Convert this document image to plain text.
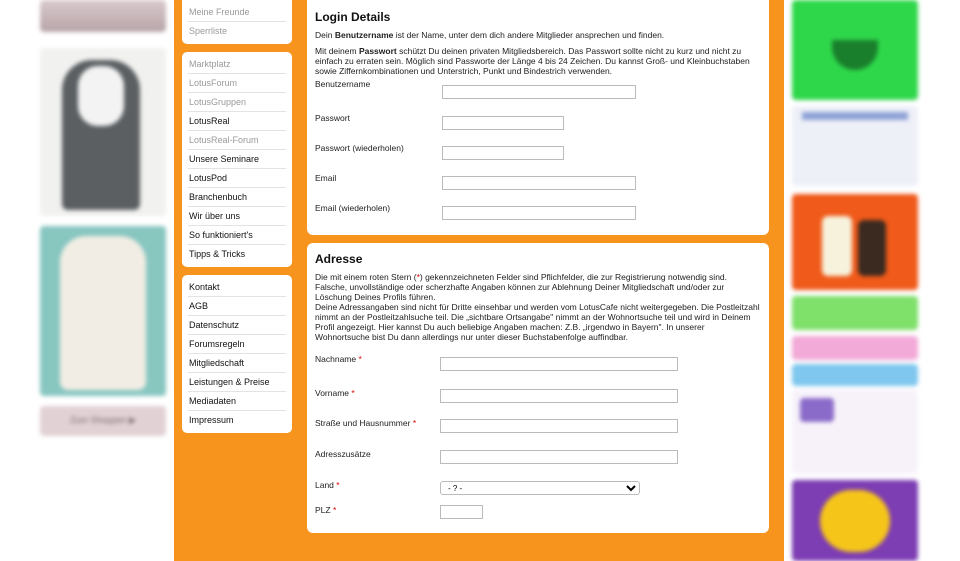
Zum Shoppen ▶
Meine Freunde
Sperrliste
Marktplatz
LotusForum
LotusGruppen
LotusReal
LotusReal-Forum
Unsere Seminare
LotusPod
Branchenbuch
Wir über uns
So funktioniert's
Tipps & Tricks
Kontakt
AGB
Datenschutz
Forumsregeln
Mitgliedschaft
Leistungen & Preise
Mediadaten
Impressum
Login Details

Dein Benutzername ist der Name, unter dem dich andere Mitglieder ansprechen und finden.

Mit deinem Passwort schützt Du deinen privaten Mitgliedsbereich. Das Passwort sollte nicht zu kurz und nicht zu einfach zu erraten sein. Möglich sind Passworte der Länge 4 bis 24 Zeichen. Du kannst Groß- und Kleinbuchstaben sowie Ziffernkombinationen und Unterstrich, Punkt und Bindestrich verwenden.

Benutzername
Passwort
Passwort (wiederholen)
Email
Email (wiederholen)
Adresse

Die mit einem roten Stern (*) gekennzeichneten Felder sind Pflichfelder, die zur Registrierung notwendig sind.

Falsche, unvollständige oder scherzhafte Angaben können zur Ablehnung Deiner Mitgliedschaft und/oder zur Löschung Deines Profils führen.

Deine Adressangaben sind nicht für Dritte einsehbar und werden vom LotusCafe nicht weitergegeben. Die Postleitzahl nimmt an der Postleitzahlsuche teil. Die „sichtbare Ortsangabe" nimmt an der Wohnortsuche teil und wird in Deinem Profil angezeigt. Hier kannst Du auch beliebige Angaben machen: Z.B. „irgendwo in Bayern". In unserer Wohnortsuche bist Du dann allerdings nur unter dieser Buchstabenfolge auffindbar.

Nachname *
Vorname *
Straße und Hausnummer *
Adresszusätze
Land *
- ? -
PLZ *
